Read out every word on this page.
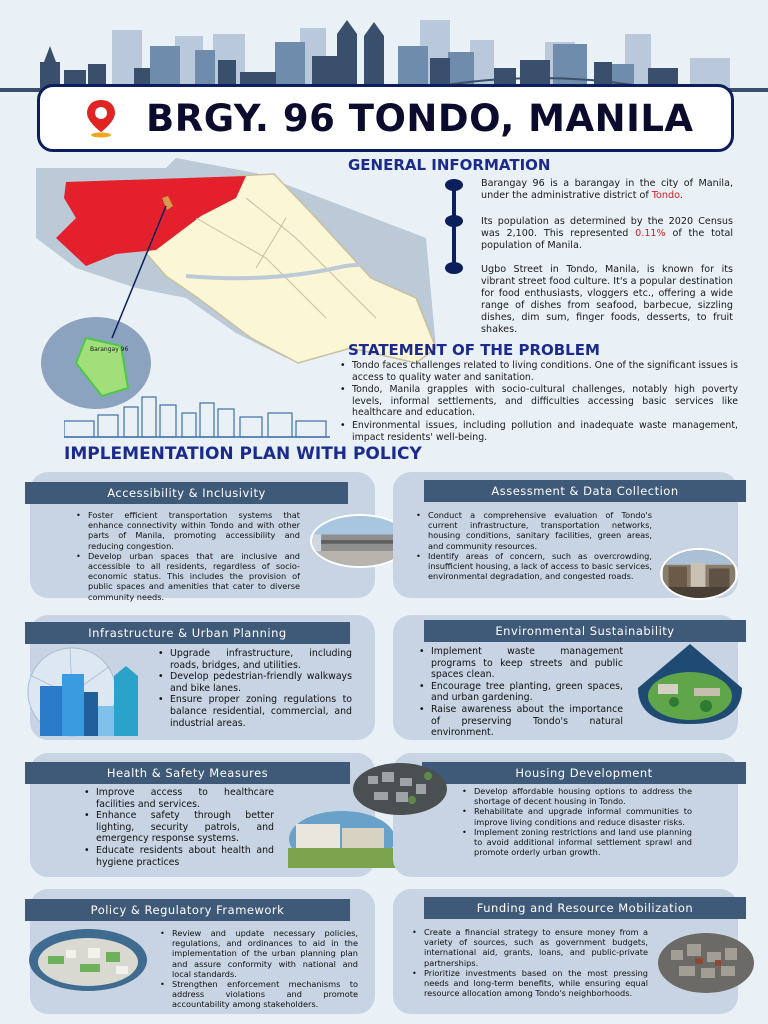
BRGY. 96 TONDO, MANILA
Barangay 96
GENERAL INFORMATION

Barangay 96 is a barangay in the city of Manila, under the administrative district of Tondo.

Its population as determined by the 2020 Census was 2,100. This represented 0.11% of the total population of Manila.

Ugbo Street in Tondo, Manila, is known for its vibrant street food culture. It's a popular destination for food enthusiasts, vloggers etc., offering a wide range of dishes from seafood, barbecue, sizzling dishes, dim sum, finger foods, desserts, to fruit shakes.

STATEMENT OF THE PROBLEM
• Tondo faces challenges related to living conditions. One of the significant issues is access to quality water and sanitation.
• Tondo, Manila grapples with socio-cultural challenges, notably high poverty levels, informal settlements, and difficulties accessing basic services like healthcare and education.
• Environmental issues, including pollution and inadequate waste management, impact residents' well-being.
IMPLEMENTATION PLAN WITH POLICY
Accessibility & Inclusivity
• Foster efficient transportation systems that enhance connectivity within Tondo and with other parts of Manila, promoting accessibility and reducing congestion.
• Develop urban spaces that are inclusive and accessible to all residents, regardless of socio-economic status. This includes the provision of public spaces and amenities that cater to diverse community needs.
Assessment & Data Collection
• Conduct a comprehensive evaluation of Tondo's current infrastructure, transportation networks, housing conditions, sanitary facilities, green areas, and community resources.
• Identify areas of concern, such as overcrowding, insufficient housing, a lack of access to basic services, environmental degradation, and congested roads.
Infrastructure & Urban Planning
• Upgrade infrastructure, including roads, bridges, and utilities.
• Develop pedestrian-friendly walkways and bike lanes.
• Ensure proper zoning regulations to balance residential, commercial, and industrial areas.
Environmental Sustainability
• Implement waste management programs to keep streets and public spaces clean.
• Encourage tree planting, green spaces, and urban gardening.
• Raise awareness about the importance of preserving Tondo's natural environment.
Health & Safety Measures
• Improve access to healthcare facilities and services.
• Enhance safety through better lighting, security patrols, and emergency response systems.
• Educate residents about health and hygiene practices
Housing Development
• Develop affordable housing options to address the shortage of decent housing in Tondo.
• Rehabilitate and upgrade informal communities to improve living conditions and reduce disaster risks.
• Implement zoning restrictions and land use planning to avoid additional informal settlement sprawl and promote orderly urban growth.
Policy & Regulatory Framework
• Review and update necessary policies, regulations, and ordinances to aid in the implementation of the urban planning plan and assure conformity with national and local standards.
• Strengthen enforcement mechanisms to address violations and promote accountability among stakeholders.
Funding and Resource Mobilization
• Create a financial strategy to ensure money from a variety of sources, such as government budgets, international aid, grants, loans, and public-private partnerships.
• Prioritize investments based on the most pressing needs and long-term benefits, while ensuring equal resource allocation among Tondo's neighborhoods.
